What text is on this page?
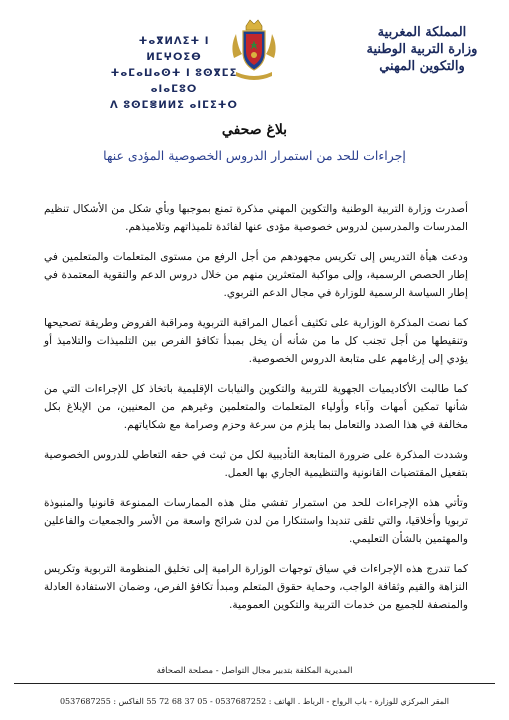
المملكة المغربية
وزارة التربية الوطنية
والتكوين المهني
ⵜⴰⴳⵍⴷⵉⵜ ⵏ ⵍⵎⵖⵔⵉⴱ
ⵜⴰⵎⴰⵡⴰⵙⵜ ⵏ ⵓⵙⴳⵎⵉ ⴰⵏⴰⵎⵓⵔ
ⴷ ⵓⵙⵎⴻⵍⵍⵉ ⴰⵏⵎⵉⵜⵔ
بلاغ صحفي
إجراءات للحد من استمرار الدروس الخصوصية المؤدى عنها

أصدرت وزارة التربية الوطنية والتكوين المهني مذكرة تمنع بموجبها وبأي شكل من الأشكال تنظيم المدرسات والمدرسين لدروس خصوصية مؤدى عنها لفائدة تلميذاتهم وتلاميذهم.

ودعت هيأة التدريس إلى تكريس مجهودهم من أجل الرفع من مستوى المتعلمات والمتعلمين في إطار الحصص الرسمية، وإلى مواكبة المتعثرين منهم من خلال دروس الدعم والتقوية المعتمدة في إطار السياسة الرسمية للوزارة في مجال الدعم التربوي.

كما نصت المذكرة الوزارية على تكثيف أعمال المراقبة التربوية ومراقبة الفروض وطريقة تصحيحها وتنقيطها من أجل تجنب كل ما من شأنه أن يخل بمبدأ تكافؤ الفرص بين التلميذات والتلاميذ أو يؤدي إلى إرغامهم على متابعة الدروس الخصوصية.

كما طالبت الأكاديميات الجهوية للتربية والتكوين والنيابات الإقليمية باتخاذ كل الإجراءات التي من شأنها تمكين أمهات وآباء وأولياء المتعلمات والمتعلمين وغيرهم من المعنيين، من الإبلاغ بكل مخالفة في هذا الصدد والتعامل بما يلزم من سرعة وحزم وصرامة مع شكاياتهم.

وشددت المذكرة على ضرورة المتابعة التأديبية لكل من ثبت في حقه التعاطي للدروس الخصوصية بتفعيل المقتضيات القانونية والتنظيمية الجاري بها العمل.

وتأتي هذه الإجراءات للحد من استمرار تفشي مثل هذه الممارسات الممنوعة قانونيا والمنبوذة تربويا وأخلاقيا، والتي تلقى تنديدا واستنكارا من لدن شرائح واسعة من الأسر والجمعيات والفاعلين والمهتمين بالشأن التعليمي.

كما تندرج هذه الإجراءات في سياق توجهات الوزارة الرامية إلى تخليق المنظومة التربوية وتكريس النزاهة والقيم وثقافة الواجب، وحماية حقوق المتعلم ومبدأ تكافؤ الفرص، وضمان الاستفادة العادلة والمنصفة للجميع من خدمات التربية والتكوين العمومية.

المديرية المكلفة بتدبير مجال التواصل - مصلحة الصحافة
المقر المركزي للوزارة - باب الرواح - الرباط . الهاتف : 0537687252 - 05 37 68 72 55 الفاكس : 0537687255
